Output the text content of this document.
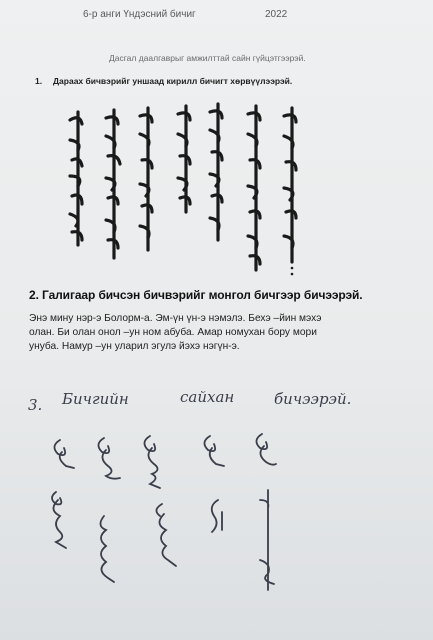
6-р анги Үндэсний бичиг	2022
Дасгал даалгаврыг амжилттай сайн гүйцэтгээрэй.
1. Дараах бичвэрийг уншаад кирилл бичигт хөрвүүлээрэй.
2. Галигаар бичсэн бичвэрийг монгол бичгээр бичээрэй.
Энэ мину нэр-э Болорм-а. Эм-үн үн-э нэмэлэ. Бехэ –йин мэхэ
олан. Би олан онол –ун ном абуба. Амар номухан бору мори
унуба. Намур –ун уларил эгулэ йэхэ нэгүн-э.
3. Бичгийн	сайхан	бичээрэй.
